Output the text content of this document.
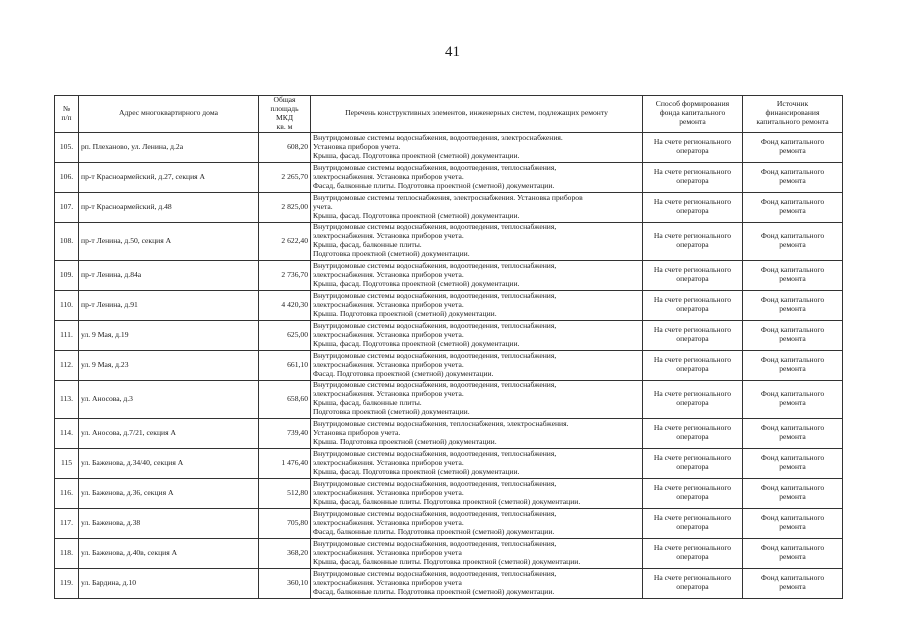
41
№
п/п	Адрес многоквартирного дома	Общая
площадь МКД
кв. м	Перечень конструктивных элементов, инженерных систем, подлежащих ремонту	Способ формирования
фонда капитального
ремонта	Источник
финансирования
капитального ремонта
105.	рп. Плеханово, ул. Ленина, д.2а	608,20	Внутридомовые системы водоснабжения, водоотведения, электроснабжения.
Установка приборов учета.
Крыша, фасад. Подготовка проектной (сметной) документации.	На счете регионального
оператора	Фонд капитального
ремонта
106.	пр-т Красноармейский, д.27, секция А	2 265,70	Внутридомовые системы водоснабжения, водоотведения, теплоснабжения,
электроснабжения. Установка приборов учета.
Фасад, балконные плиты. Подготовка проектной (сметной) документации.	На счете регионального
оператора	Фонд капитального
ремонта
107.	пр-т Красноармейский, д.48	2 825,00	Внутридомовые системы теплоснабжения, электроснабжения. Установка приборов
учета.
Крыша, фасад. Подготовка проектной (сметной) документации.	На счете регионального
оператора	Фонд капитального
ремонта
108.	пр-т Ленина, д.50, секция А	2 622,40	Внутридомовые системы водоснабжения, водоотведения, теплоснабжения,
электроснабжения. Установка приборов учета.
Крыша, фасад, балконные плиты.
Подготовка проектной (сметной) документации.	На счете регионального
оператора	Фонд капитального
ремонта
109.	пр-т Ленина, д.84а	2 736,70	Внутридомовые системы водоснабжения, водоотведения, теплоснабжения,
электроснабжения. Установка приборов учета.
Крыша, фасад. Подготовка проектной (сметной) документации.	На счете регионального
оператора	Фонд капитального
ремонта
110.	пр-т Ленина, д.91	4 420,30	Внутридомовые системы водоснабжения, водоотведения, теплоснабжения,
электроснабжения. Установка приборов учета.
Крыша. Подготовка проектной (сметной) документации.	На счете регионального
оператора	Фонд капитального
ремонта
111.	ул. 9 Мая, д.19	625,00	Внутридомовые системы водоснабжения, водоотведения, теплоснабжения,
электроснабжения. Установка приборов учета.
Крыша, фасад. Подготовка проектной (сметной) документации.	На счете регионального
оператора	Фонд капитального
ремонта
112.	ул. 9 Мая, д.23	661,10	Внутридомовые системы водоснабжения, водоотведения, теплоснабжения,
электроснабжения. Установка приборов учета.
Фасад. Подготовка проектной (сметной) документации.	На счете регионального
оператора	Фонд капитального
ремонта
113.	ул. Аносова, д.3	658,60	Внутридомовые системы водоснабжения, водоотведения, теплоснабжения,
электроснабжения. Установка приборов учета.
Крыша, фасад, балконные плиты.
Подготовка проектной (сметной) документации.	На счете регионального
оператора	Фонд капитального
ремонта
114.	ул. Аносова, д.7/21, секция А	739,40	Внутридомовые системы водоснабжения, теплоснабжения, электроснабжения.
Установка приборов учета.
Крыша. Подготовка проектной (сметной) документации.	На счете регионального
оператора	Фонд капитального
ремонта
115	ул. Баженова, д.34/40, секция А	1 476,40	Внутридомовые системы водоснабжения, водоотведения, теплоснабжения,
электроснабжения. Установка приборов учета.
Крыша, фасад. Подготовка проектной (сметной) документации.	На счете регионального
оператора	Фонд капитального
ремонта
116.	ул. Баженова, д.36, секция А	512,80	Внутридомовые системы водоснабжения, водоотведения, теплоснабжения,
электроснабжения. Установка приборов учета.
Крыша, фасад, балконные плиты. Подготовка проектной (сметной) документации.	На счете регионального
оператора	Фонд капитального
ремонта
117.	ул. Баженова, д.38	705,80	Внутридомовые системы водоснабжения, водоотведения, теплоснабжения,
электроснабжения. Установка приборов учета.
Фасад, балконные плиты. Подготовка проектной (сметной) документации.	На счете регионального
оператора	Фонд капитального
ремонта
118.	ул. Баженова, д.40в, секция А	368,20	Внутридомовые системы водоснабжения, водоотведения, теплоснабжения,
электроснабжения. Установка приборов учета
Крыша, фасад, балконные плиты. Подготовка проектной (сметной) документации.	На счете регионального
оператора	Фонд капитального
ремонта
119.	ул. Бардина, д.10	360,10	Внутридомовые системы водоснабжения, водоотведения, теплоснабжения,
электроснабжения. Установка приборов учета
Фасад, балконные плиты. Подготовка проектной (сметной) документации.	На счете регионального
оператора	Фонд капитального
ремонта
